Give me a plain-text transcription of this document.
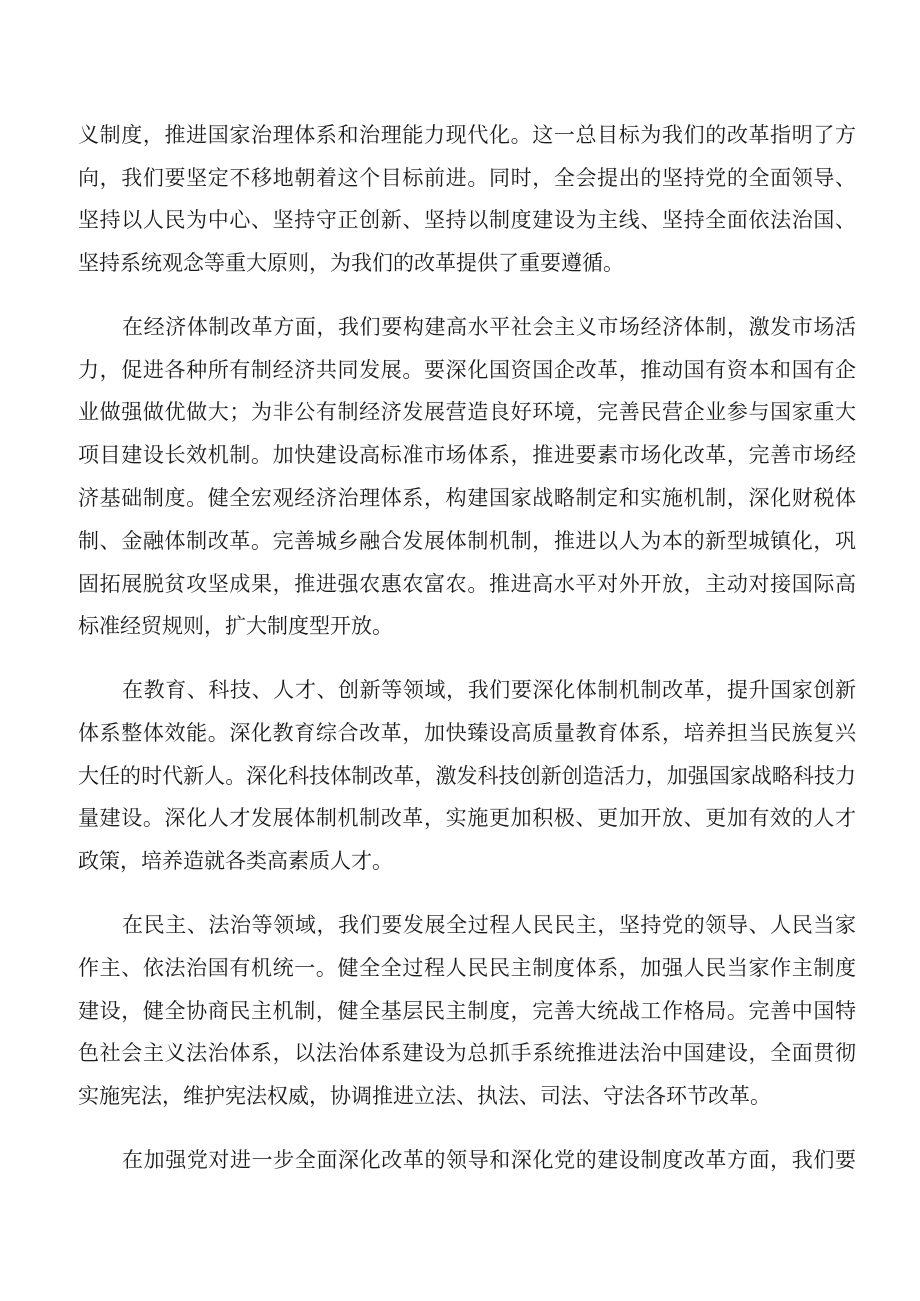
义制度，推进国家治理体系和治理能力现代化。这一总目标为我们的改革指明了方
向，我们要坚定不移地朝着这个目标前进。同时，全会提出的坚持党的全面领导、
坚持以人民为中心、坚持守正创新、坚持以制度建设为主线、坚持全面依法治国、
坚持系统观念等重大原则，为我们的改革提供了重要遵循。
在经济体制改革方面，我们要构建高水平社会主义市场经济体制，激发市场活
力，促进各种所有制经济共同发展。要深化国资国企改革，推动国有资本和国有企
业做强做优做大；为非公有制经济发展营造良好环境，完善民营企业参与国家重大
项目建设长效机制。加快建设高标准市场体系，推进要素市场化改革，完善市场经
济基础制度。健全宏观经济治理体系，构建国家战略制定和实施机制，深化财税体
制、金融体制改革。完善城乡融合发展体制机制，推进以人为本的新型城镇化，巩
固拓展脱贫攻坚成果，推进强农惠农富农。推进高水平对外开放，主动对接国际高
标准经贸规则，扩大制度型开放。
在教育、科技、人才、创新等领域，我们要深化体制机制改革，提升国家创新
体系整体效能。深化教育综合改革，加快臻设高质量教育体系，培养担当民族复兴
大任的时代新人。深化科技体制改革，激发科技创新创造活力，加强国家战略科技力
量建设。深化人才发展体制机制改革，实施更加积极、更加开放、更加有效的人才
政策，培养造就各类高素质人才。
在民主、法治等领域，我们要发展全过程人民民主，坚持党的领导、人民当家
作主、依法治国有机统一。健全全过程人民民主制度体系，加强人民当家作主制度
建设，健全协商民主机制，健全基层民主制度，完善大统战工作格局。完善中国特
色社会主义法治体系，以法治体系建设为总抓手系统推进法治中国建设，全面贯彻
实施宪法，维护宪法权威，协调推进立法、执法、司法、守法各环节改革。
在加强党对进一步全面深化改革的领导和深化党的建设制度改革方面，我们要
